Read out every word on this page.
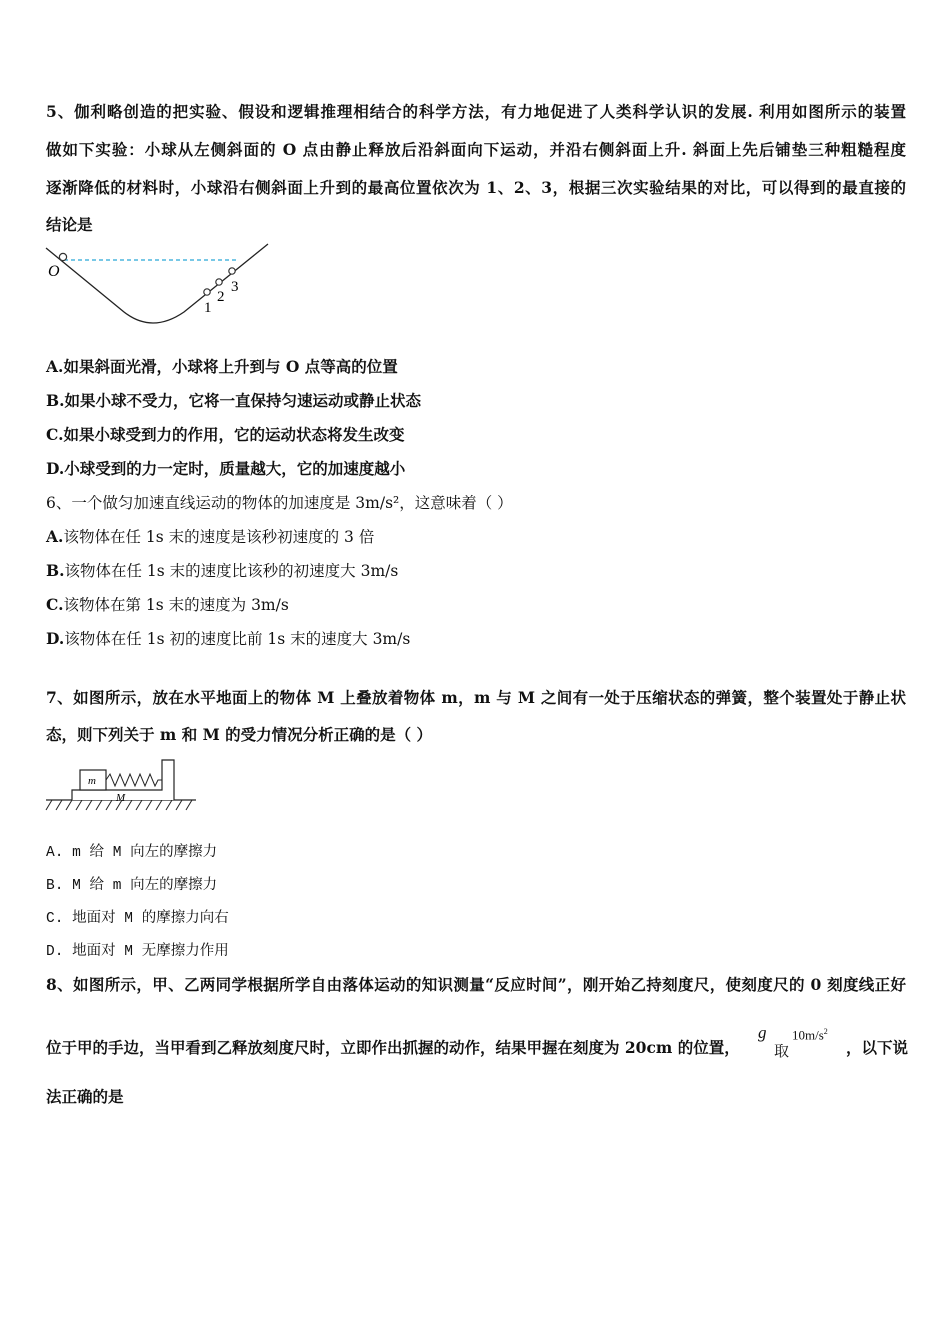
5、伽利略创造的把实验、假设和逻辑推理相结合的科学方法，有力地促进了人类科学认识的发展. 利用如图所示的装置
做如下实验：小球从左侧斜面的 O 点由静止释放后沿斜面向下运动，并沿右侧斜面上升. 斜面上先后铺垫三种粗糙程度
逐渐降低的材料时，小球沿右侧斜面上升到的最高位置依次为 1、2、3，根据三次实验结果的对比，可以得到的最直接的
结论是
O
1
2
3
A.如果斜面光滑，小球将上升到与 O 点等高的位置
B.如果小球不受力，它将一直保持匀速运动或静止状态
C.如果小球受到力的作用，它的运动状态将发生改变
D.小球受到的力一定时，质量越大，它的加速度越小
6、一个做匀加速直线运动的物体的加速度是 3m/s²，这意味着（ ）
A.该物体在任 1s 末的速度是该秒初速度的 3 倍
B.该物体在任 1s 末的速度比该秒的初速度大 3m/s
C.该物体在第 1s 末的速度为 3m/s
D.该物体在任 1s 初的速度比前 1s 末的速度大 3m/s
7、如图所示，放在水平地面上的物体 M 上叠放着物体 m，m 与 M 之间有一处于压缩状态的弹簧，整个装置处于静止状
态，则下列关于 m 和 M 的受力情况分析正确的是（ ）
m
M
A. m 给 M 向左的摩擦力
B. M 给 m 向左的摩擦力
C. 地面对 M 的摩擦力向右
D. 地面对 M 无摩擦力作用
8、如图所示，甲、乙两同学根据所学自由落体运动的知识测量“反应时间”，刚开始乙持刻度尺，使刻度尺的 0 刻度线正好
位于甲的手边，当甲看到乙释放刻度尺时，立即作出抓握的动作，结果甲握在刻度为 20cm 的位置，
g
取
$10m/s^2$
，以下说
法正确的是
